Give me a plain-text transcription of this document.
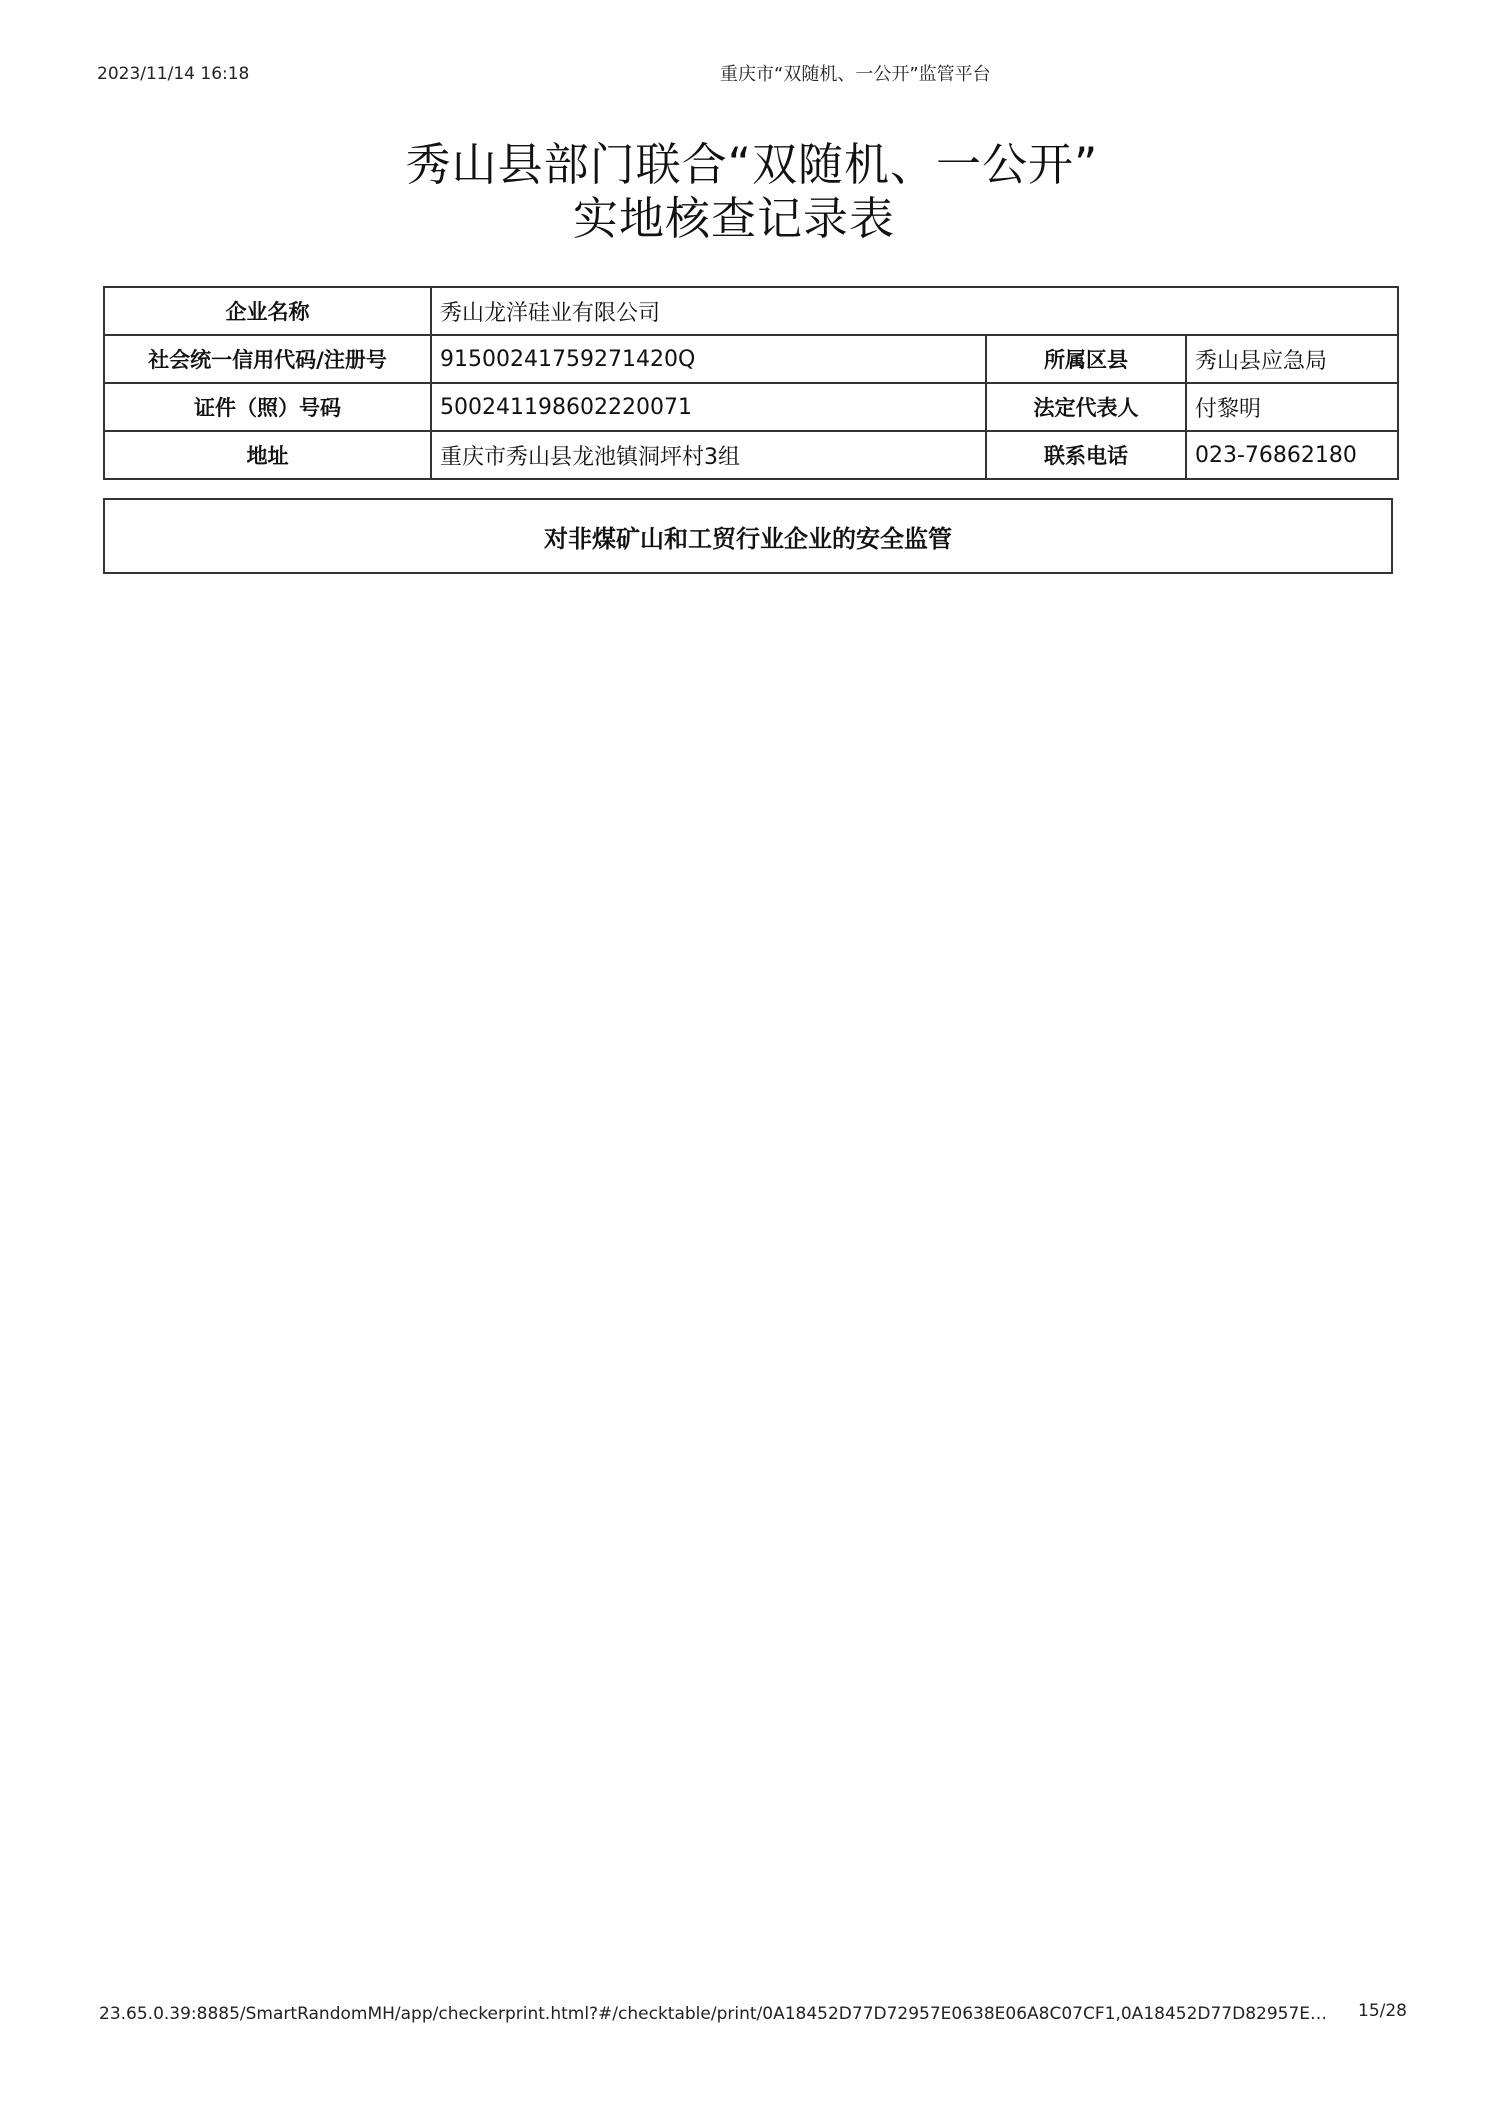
2023/11/14 16:18	重庆市“双随机、一公开”监管平台
秀山县部门联合“双随机、一公开”
实地核查记录表
企业名称	秀山龙洋硅业有限公司		
社会统一信用代码/注册号	91500241759271420Q	所属区县	秀山县应急局
证件（照）号码	500241198602220071	法定代表人	付黎明
地址	重庆市秀山县龙池镇洞坪村3组	联系电话	023-76862180
对非煤矿山和工贸行业企业的安全监管
23.65.0.39:8885/SmartRandomMH/app/checkerprint.html?#/checktable/print/0A18452D77D72957E0638E06A8C07CF1,0A18452D77D82957E… 15/28
